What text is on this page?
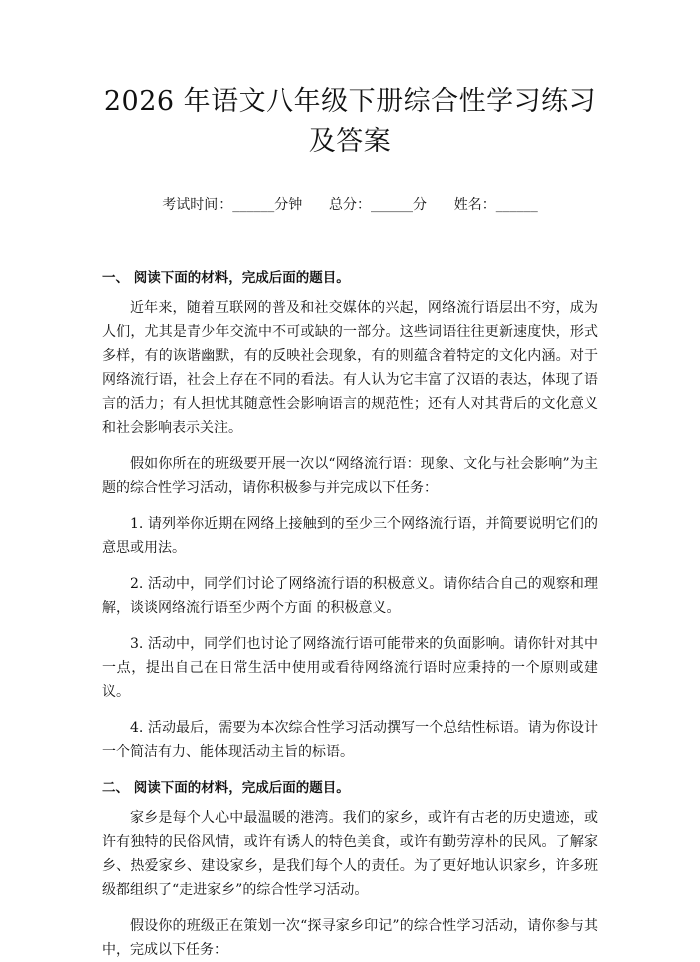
2026 年语文八年级下册综合性学习练习及答案
考试时间：______分钟      总分：______分      姓名：______
一、 阅读下面的材料，完成后面的题目。

近年来，随着互联网的普及和社交媒体的兴起，网络流行语层出不穷，成为人们，尤其是青少年交流中不可或缺的一部分。这些词语往往更新速度快，形式多样，有的诙谐幽默，有的反映社会现象，有的则蕴含着特定的文化内涵。对于网络流行语，社会上存在不同的看法。有人认为它丰富了汉语的表达，体现了语言的活力；有人担忧其随意性会影响语言的规范性；还有人对其背后的文化意义和社会影响表示关注。

假如你所在的班级要开展一次以“网络流行语：现象、文化与社会影响”为主题的综合性学习活动，请你积极参与并完成以下任务：

1. 请列举你近期在网络上接触到的至少三个网络流行语，并简要说明它们的意思或用法。

2. 活动中，同学们讨论了网络流行语的积极意义。请你结合自己的观察和理解，谈谈网络流行语至少两个方面 的积极意义。

3. 活动中，同学们也讨论了网络流行语可能带来的负面影响。请你针对其中一点，提出自己在日常生活中使用或看待网络流行语时应秉持的一个原则或建议。

4. 活动最后，需要为本次综合性学习活动撰写一个总结性标语。请为你设计一个简洁有力、能体现活动主旨的标语。

二、 阅读下面的材料，完成后面的题目。

家乡是每个人心中最温暖的港湾。我们的家乡，或许有古老的历史遗迹，或许有独特的民俗风情，或许有诱人的特色美食，或许有勤劳淳朴的民风。了解家乡、热爱家乡、建设家乡，是我们每个人的责任。为了更好地认识家乡，许多班级都组织了“走进家乡”的综合性学习活动。

假设你的班级正在策划一次“探寻家乡印记”的综合性学习活动，请你参与其中，完成以下任务：
